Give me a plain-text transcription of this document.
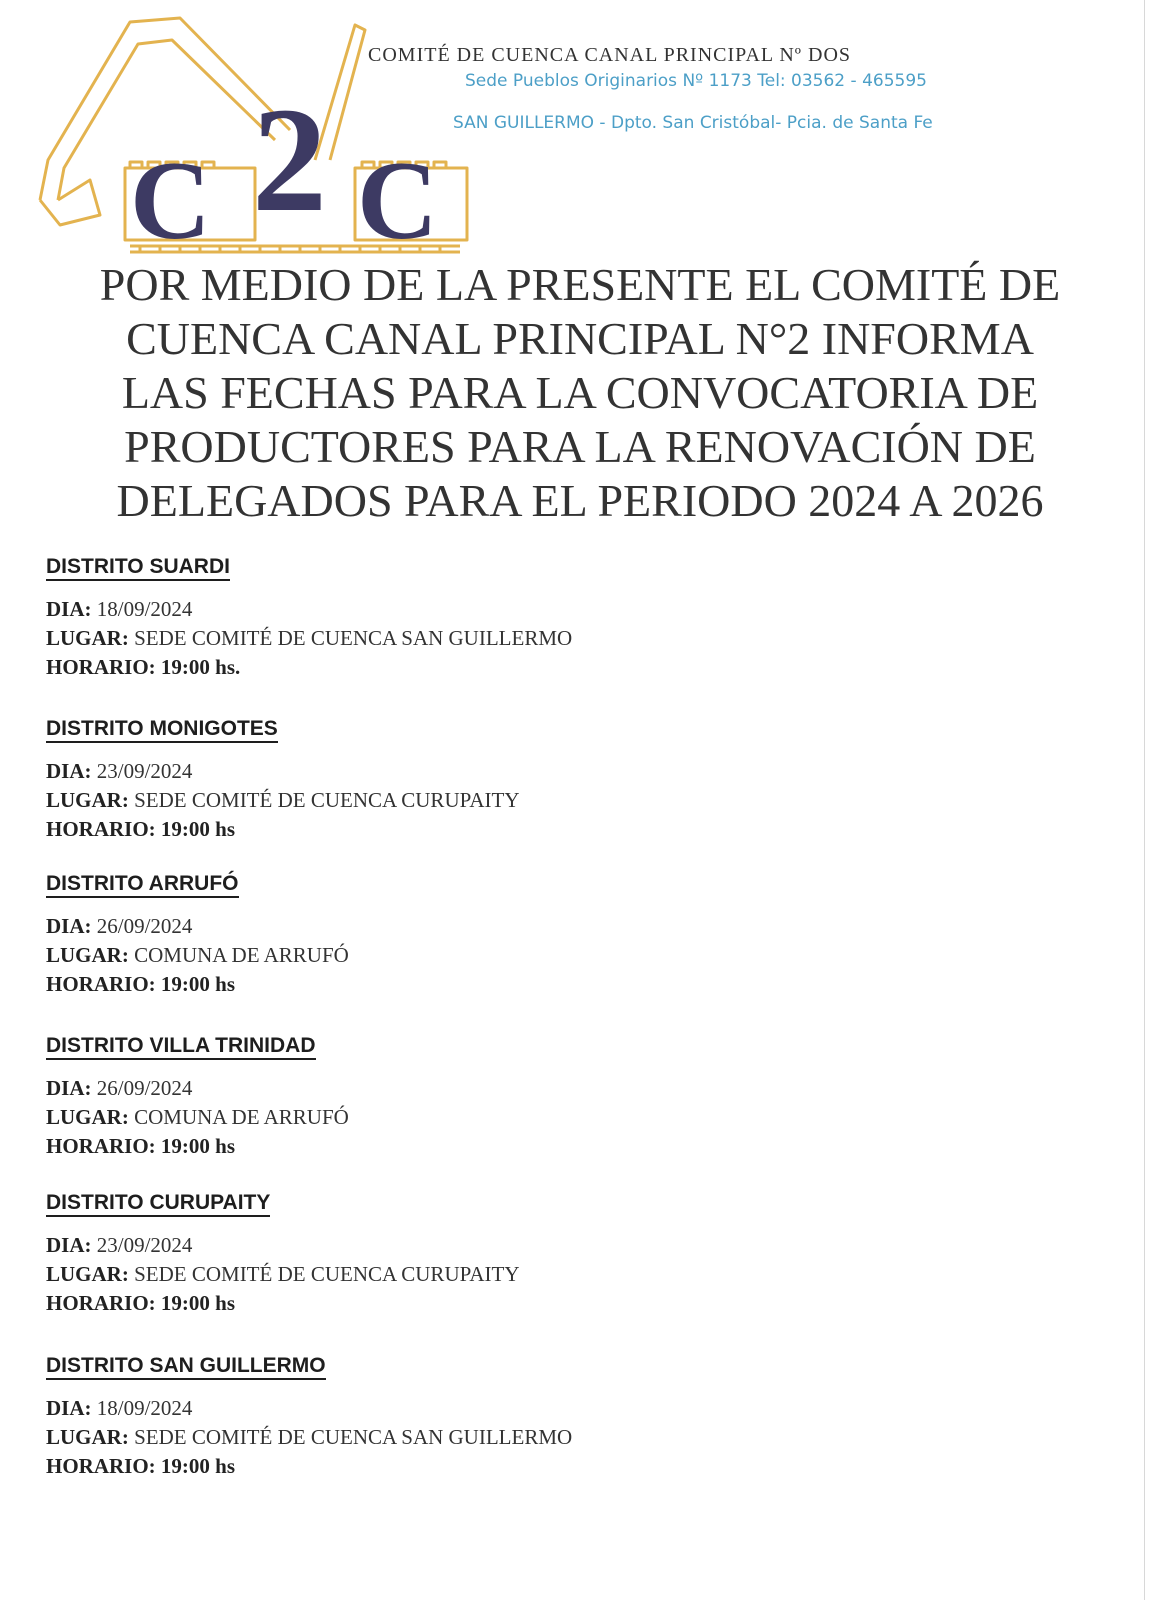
C 2 C
COMITÉ DE CUENCA CANAL PRINCIPAL Nº DOS
Sede Pueblos Originarios Nº 1173 Tel: 03562 - 465595
SAN GUILLERMO - Dpto. San Cristóbal- Pcia. de Santa Fe
POR MEDIO DE LA PRESENTE EL COMITÉ DE
CUENCA CANAL PRINCIPAL N°2 INFORMA
LAS FECHAS PARA LA CONVOCATORIA DE
PRODUCTORES PARA LA RENOVACIÓN DE
DELEGADOS PARA EL PERIODO 2024 A 2026
DISTRITO SUARDI
DIA: 18/09/2024
LUGAR: SEDE COMITÉ DE CUENCA SAN GUILLERMO
HORARIO: 19:00 hs.
DISTRITO MONIGOTES
DIA: 23/09/2024
LUGAR: SEDE COMITÉ DE CUENCA CURUPAITY
HORARIO: 19:00 hs
DISTRITO ARRUFÓ
DIA: 26/09/2024
LUGAR: COMUNA DE ARRUFÓ
HORARIO: 19:00 hs
DISTRITO VILLA TRINIDAD
DIA: 26/09/2024
LUGAR: COMUNA DE ARRUFÓ
HORARIO: 19:00 hs
DISTRITO CURUPAITY
DIA: 23/09/2024
LUGAR: SEDE COMITÉ DE CUENCA CURUPAITY
HORARIO: 19:00 hs
DISTRITO SAN GUILLERMO
DIA: 18/09/2024
LUGAR: SEDE COMITÉ DE CUENCA SAN GUILLERMO
HORARIO: 19:00 hs
